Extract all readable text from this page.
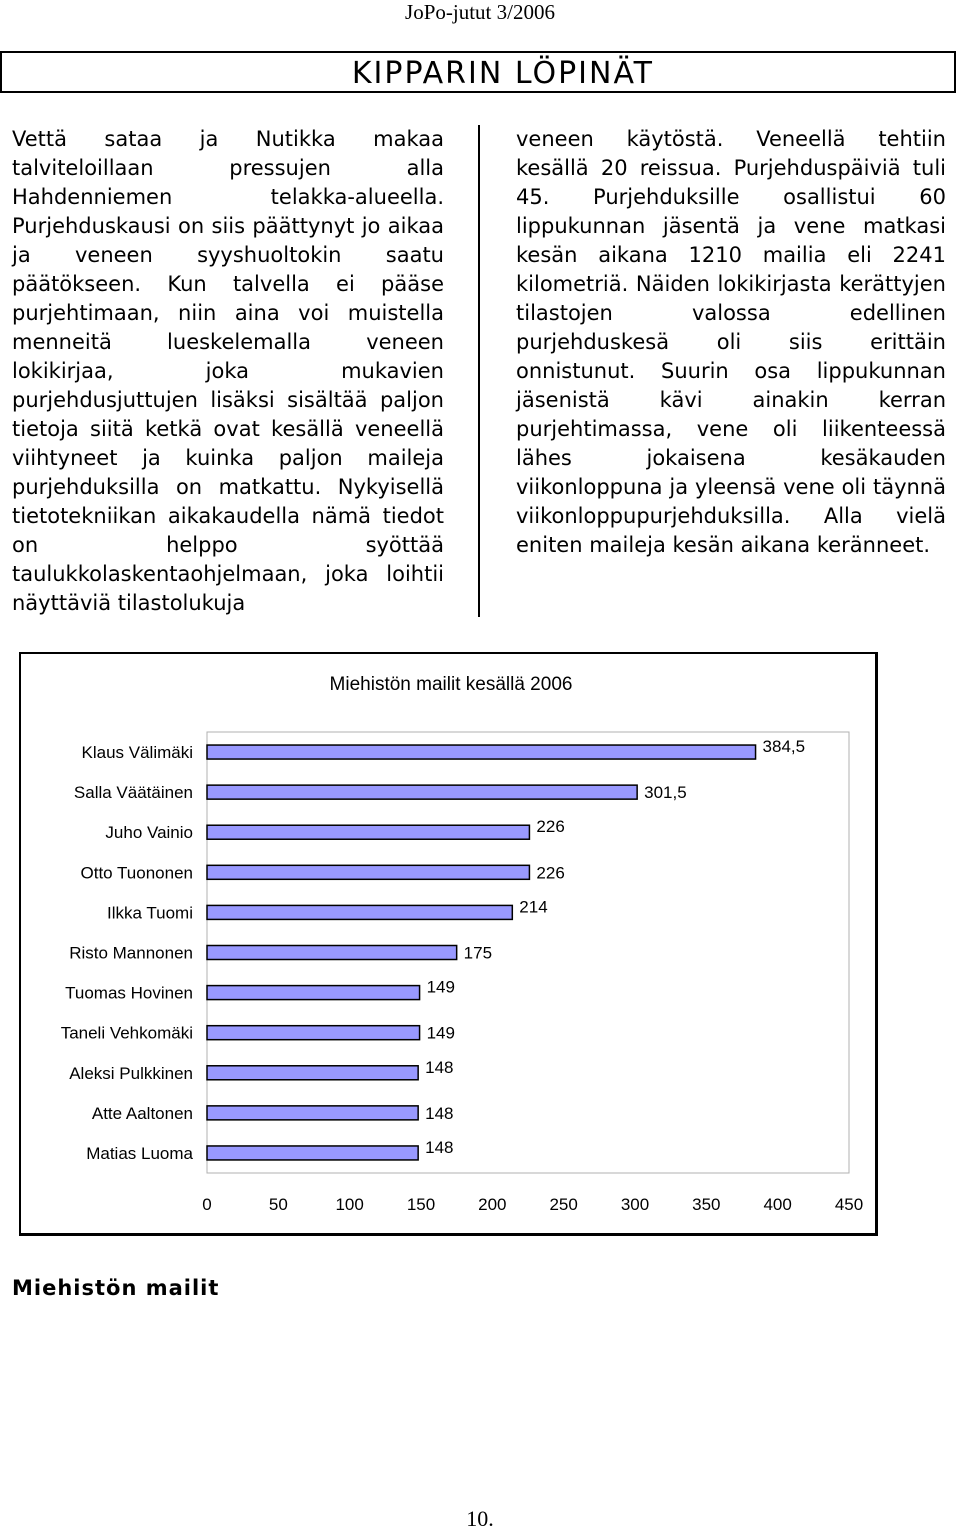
JoPo-jutut 3/2006
KIPPARIN LÖPINÄT
Vettä sataa ja Nutikka makaa talviteloillaan pressujen alla Hahdenniemen telakka-alueella. Purjehduskausi on siis päättynyt jo aikaa ja veneen syyshuoltokin saatu päätökseen. Kun talvella ei pääse purjehtimaan, niin aina voi muistella menneitä lueskelemalla veneen lokikirjaa, joka mukavien purjehdusjuttujen lisäksi sisältää paljon tietoja siitä ketkä ovat kesällä veneellä viihtyneet ja kuinka paljon maileja purjehduksilla on matkattu. Nykyisellä tietotekniikan aikakaudella nämä tiedot on helppo syöttää taulukkolaskentaohjelmaan, joka loihtii näyttäviä tilastolukuja
veneen käytöstä. Veneellä tehtiin kesällä 20 reissua. Purjehduspäiviä tuli 45. Purjehduksille osallistui 60 lippukunnan jäsentä ja vene matkasi kesän aikana 1210 mailia eli 2241 kilometriä. Näiden lokikirjasta kerättyjen tilastojen valossa edellinen purjehduskesä oli siis erittäin onnistunut. Suurin osa lippukunnan jäsenistä kävi ainakin kerran purjehtimassa, vene oli liikenteessä lähes jokaisena kesäkauden viikonloppuna ja yleensä vene oli täynnä viikonloppupurjehduksilla. Alla vielä eniten maileja kesän aikana keränneet.
Miehistön mailit kesällä 2006
Klaus Välimäki	384,5
Salla Väätäinen	301,5
Juho Vainio	226
Otto Tuononen	226
Ilkka Tuomi	214
Risto Mannonen	175
Tuomas Hovinen	149
Taneli Vehkomäki	149
Aleksi Pulkkinen	148
Atte Aaltonen	148
Matias Luoma	148
0	50	100	150	200	250	300	350	400	450
Miehistön mailit
10.
